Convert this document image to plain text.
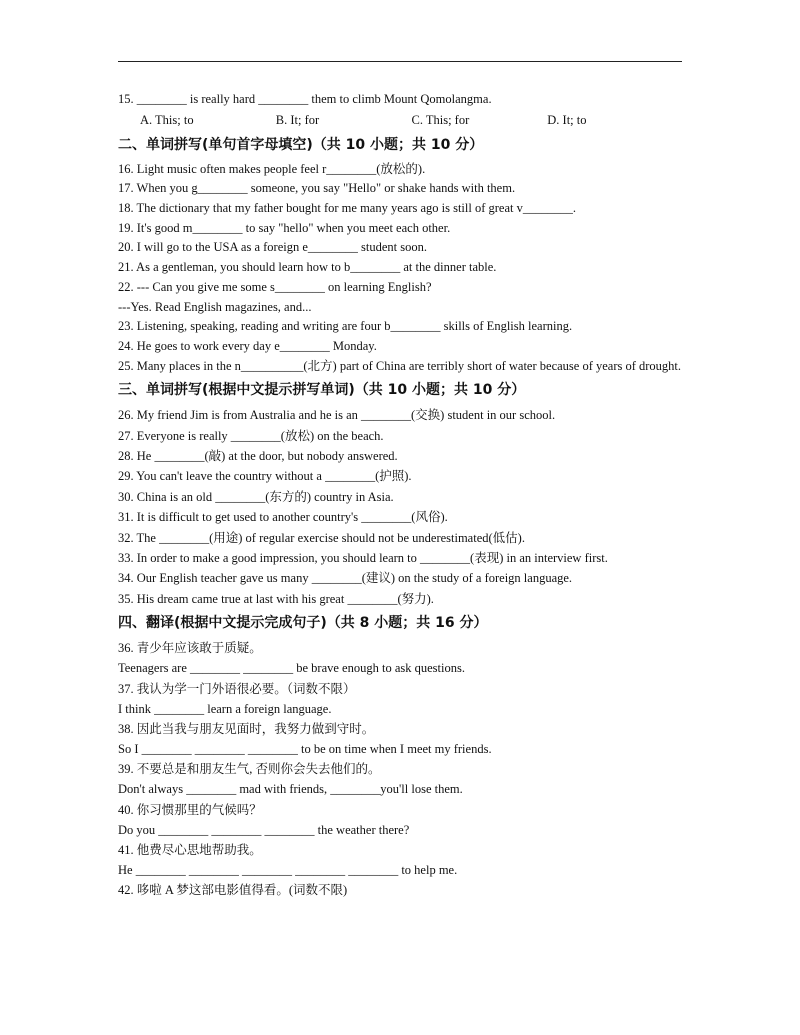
15. ________ is really hard ________ them to climb Mount Qomolangma.
A. This; to	B. It; for	C. This; for	D. It; to
二、单词拼写(单句首字母填空)（共 10 小题；共 10 分）
16. Light music often makes people feel r________(放松的).
17. When you g________ someone, you say "Hello" or shake hands with them.
18. The dictionary that my father bought for me many years ago is still of great v________.
19. It's good m________ to say "hello" when you meet each other.
20. I will go to the USA as a foreign e________ student soon.
21. As a gentleman, you should learn how to b________ at the dinner table.
22. --- Can you give me some s________ on learning English?
---Yes. Read English magazines, and...
23. Listening, speaking, reading and writing are four b________ skills of English learning.
24. He goes to work every day e________ Monday.
25. Many places in the n__________(北方) part of China are terribly short of water because of years of drought.
三、单词拼写(根据中文提示拼写单词)（共 10 小题；共 10 分）
26. My friend Jim is from Australia and he is an ________(交换) student in our school.
27. Everyone is really ________(放松) on the beach.
28. He ________(敲) at the door, but nobody answered.
29. You can't leave the country without a ________(护照).
30. China is an old ________(东方的) country in Asia.
31. It is difficult to get used to another country's ________(风俗).
32. The ________(用途) of regular exercise should not be underestimated(低估).
33. In order to make a good impression, you should learn to ________(表现) in an interview first.
34. Our English teacher gave us many ________(建议) on the study of a foreign language.
35. His dream came true at last with his great ________(努力).
四、翻译(根据中文提示完成句子)（共 8 小题；共 16 分）
36. 青少年应该敢于质疑。
Teenagers are ________ ________ be brave enough to ask questions.
37. 我认为学一门外语很必要。（词数不限）
I think ________ learn a foreign language.
38. 因此当我与朋友见面时，我努力做到守时。
So I ________ ________ ________ to be on time when I meet my friends.
39. 不要总是和朋友生气, 否则你会失去他们的。
Don't always ________ mad with friends, ________you'll lose them.
40. 你习惯那里的气候吗？
Do you ________ ________ ________ the weather there?
41. 他费尽心思地帮助我。
He ________ ________ ________ ________ ________ to help me.
42. 哆啦 A 梦这部电影值得看。(词数不限)
